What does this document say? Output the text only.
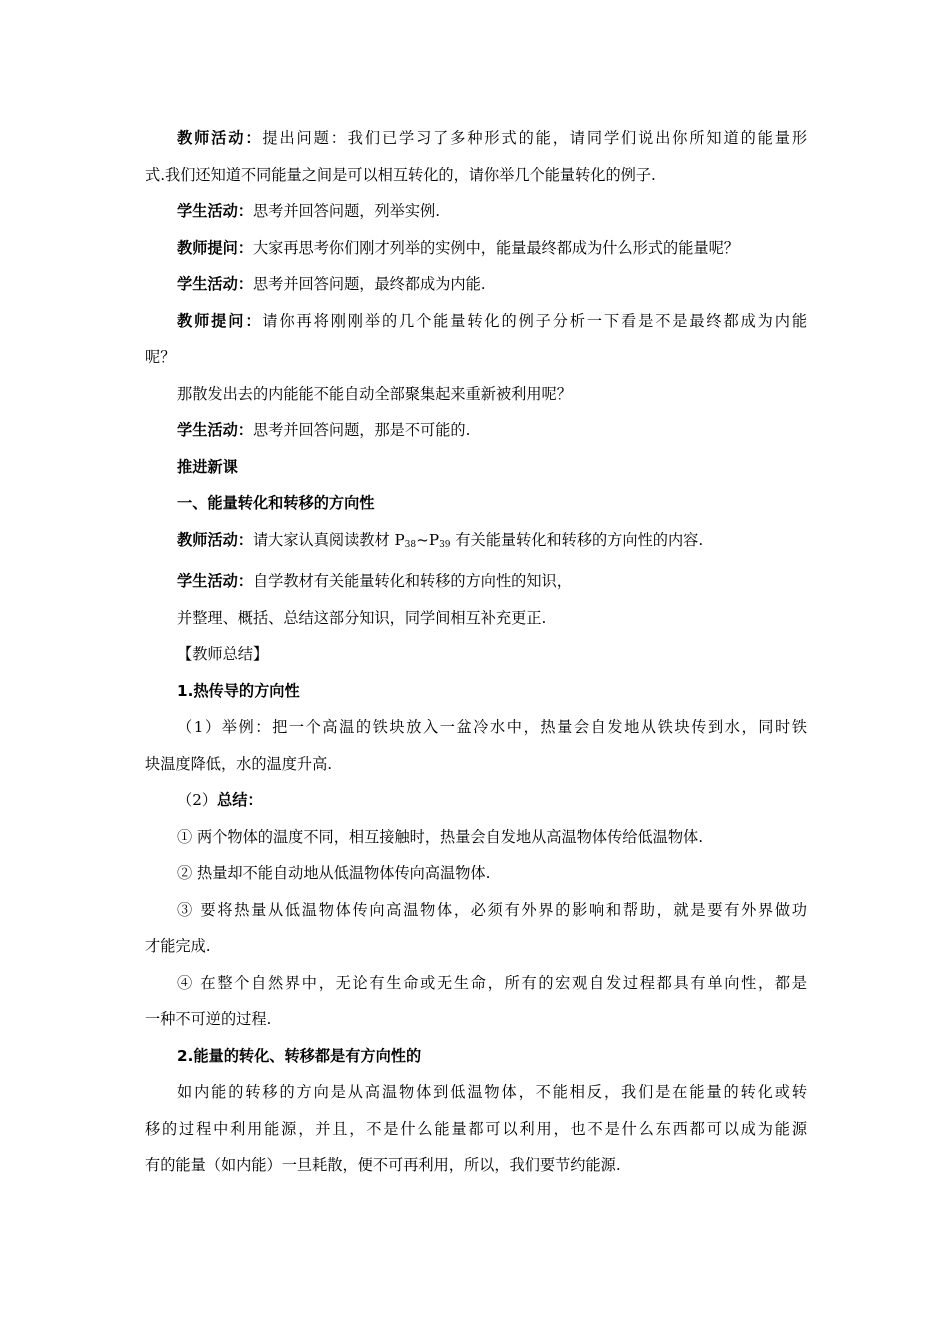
教师活动：提出问题：我们已学习了多种形式的能，请同学们说出你所知道的能量形

式.我们还知道不同能量之间是可以相互转化的，请你举几个能量转化的例子.

学生活动：思考并回答问题，列举实例.

教师提问：大家再思考你们刚才列举的实例中，能量最终都成为什么形式的能量呢？

学生活动：思考并回答问题，最终都成为内能.

教师提问：请你再将刚刚举的几个能量转化的例子分析一下看是不是最终都成为内能

呢？

那散发出去的内能能不能自动全部聚集起来重新被利用呢？

学生活动：思考并回答问题，那是不可能的.

推进新课

一、能量转化和转移的方向性

教师活动：请大家认真阅读教材 $P_{38}\sim P_{39}$ 有关能量转化和转移的方向性的内容.

学生活动：自学教材有关能量转化和转移的方向性的知识，

并整理、概括、总结这部分知识，同学间相互补充更正.

【教师总结】

1.热传导的方向性

（1）举例：把一个高温的铁块放入一盆冷水中，热量会自发地从铁块传到水，同时铁

块温度降低，水的温度升高.

（2）总结：

① 两个物体的温度不同，相互接触时，热量会自发地从高温物体传给低温物体.

② 热量却不能自动地从低温物体传向高温物体.

③ 要将热量从低温物体传向高温物体，必须有外界的影响和帮助，就是要有外界做功

才能完成.

④ 在整个自然界中，无论有生命或无生命，所有的宏观自发过程都具有单向性，都是

一种不可逆的过程.

2.能量的转化、转移都是有方向性的

如内能的转移的方向是从高温物体到低温物体，不能相反，我们是在能量的转化或转

移的过程中利用能源，并且，不是什么能量都可以利用，也不是什么东西都可以成为能源

有的能量（如内能）一旦耗散，便不可再利用，所以，我们要节约能源.
